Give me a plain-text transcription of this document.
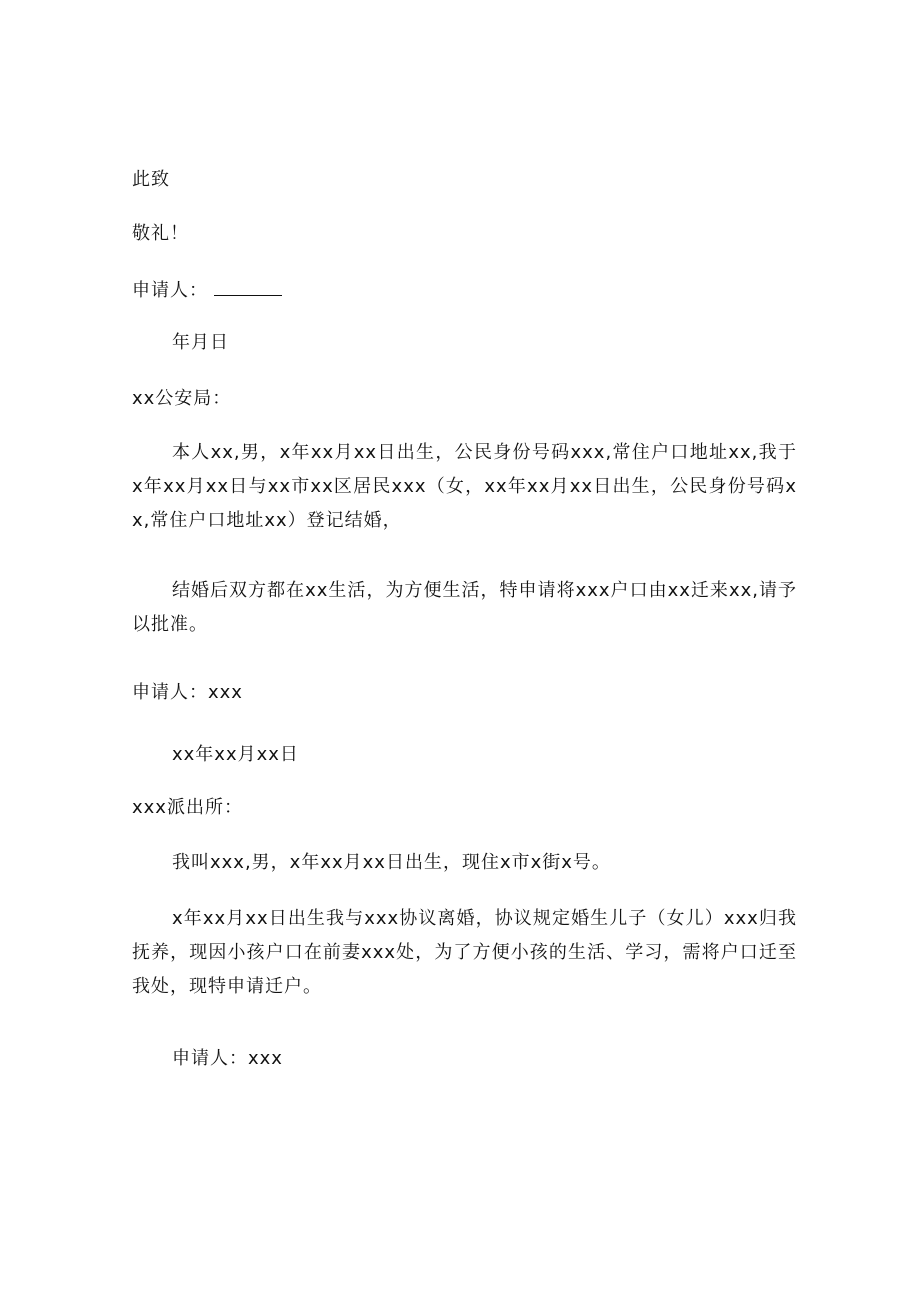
此致
敬礼！
申请人：
年月日
xx公安局：
本人xx,男，x年xx月xx日出生，公民身份号码xxx,常住户口地址xx,我于x年xx月xx日与xx市xx区居民xxx（女，xx年xx月xx日出生，公民身份号码xx,常住户口地址xx）登记结婚，
结婚后双方都在xx生活，为方便生活，特申请将xxx户口由xx迁来xx,请予以批准。
申请人：xxx
xx年xx月xx日
xxx派出所：
我叫xxx,男，x年xx月xx日出生，现住x市x街x号。
x年xx月xx日出生我与xxx协议离婚，协议规定婚生儿子（女儿）xxx归我抚养，现因小孩户口在前妻xxx处，为了方便小孩的生活、学习，需将户口迁至我处，现特申请迁户。
申请人：xxx
